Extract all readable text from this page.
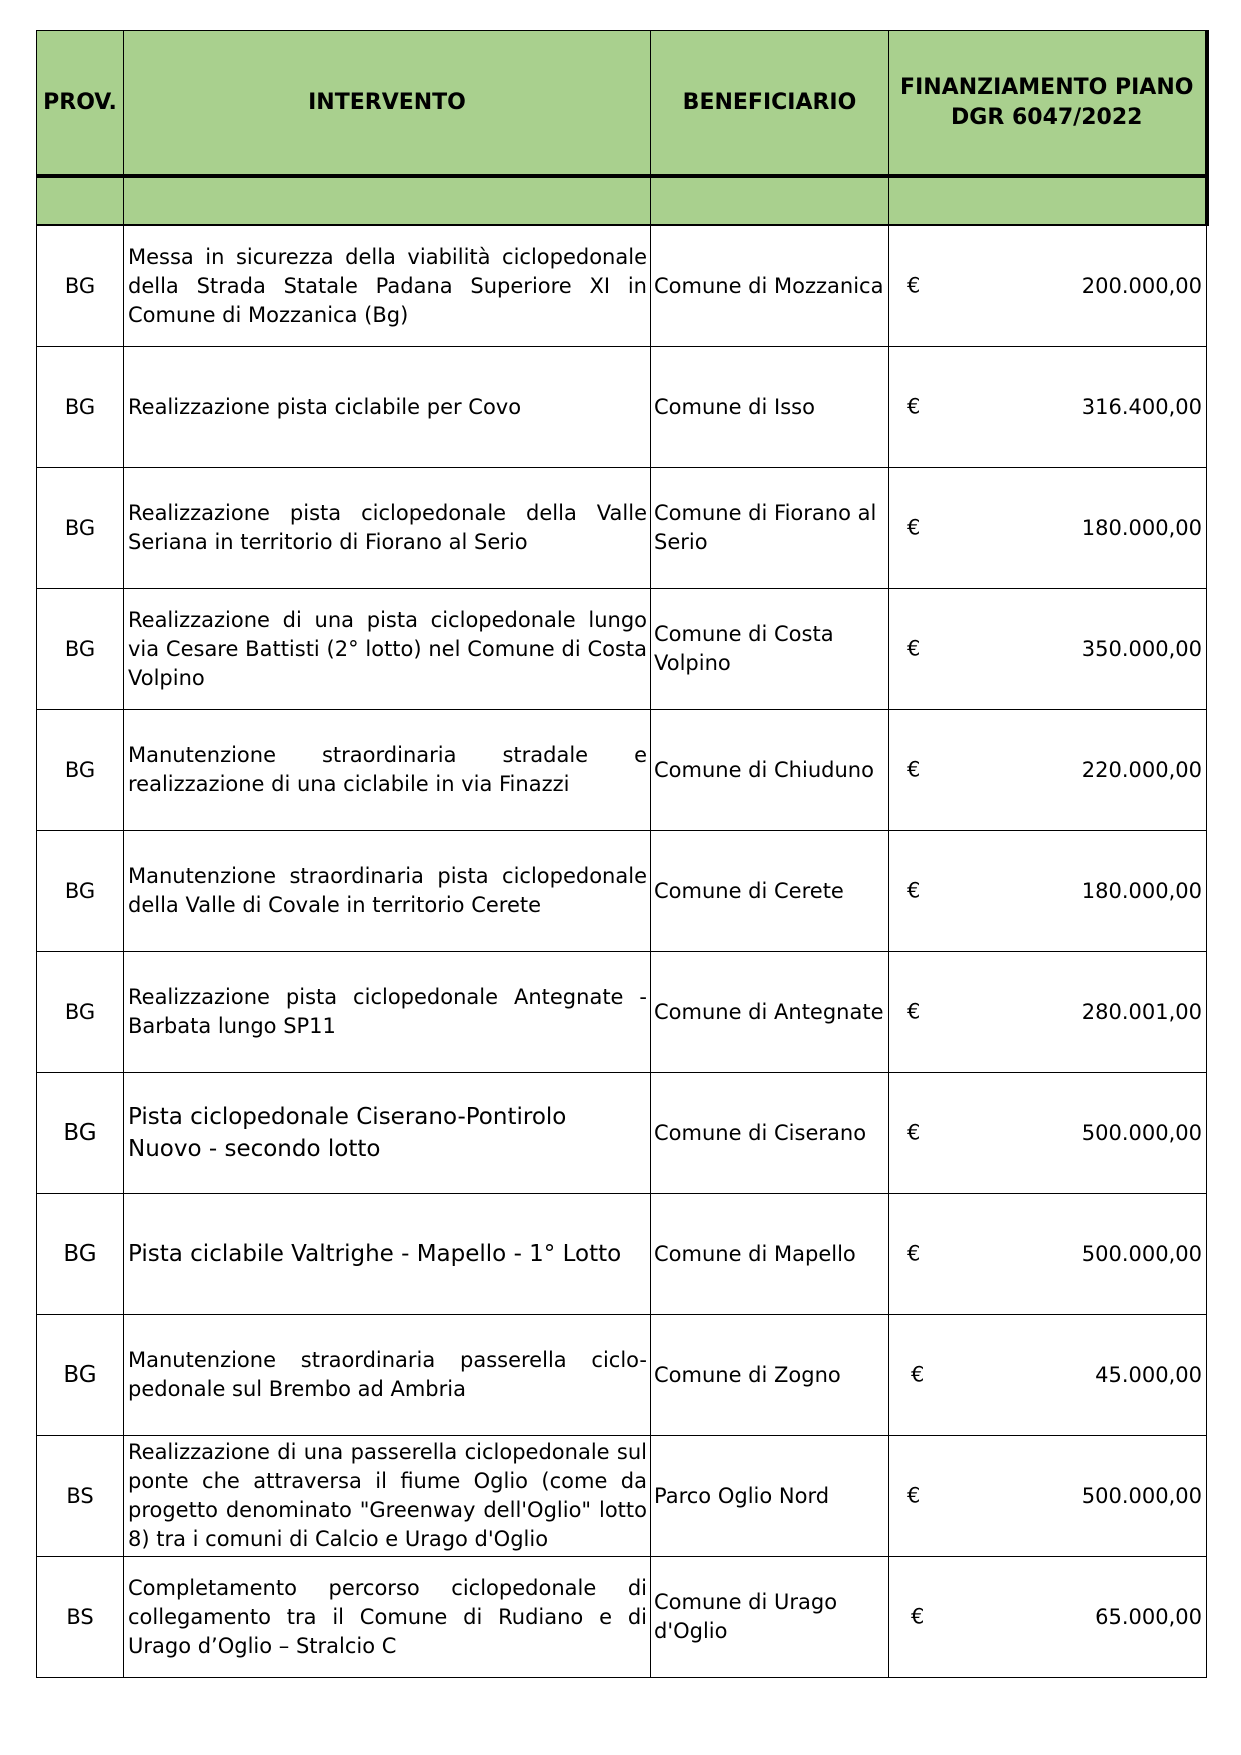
PROV.	INTERVENTO	BENEFICIARIO	FINANZIAMENTO PIANO
DGR 6047/2022

BG	Messa in sicurezza della viabilità ciclopedonale della Strada Statale Padana Superiore XI in Comune di Mozzanica (Bg)	Comune di Mozzanica	€ 200.000,00

BG	Realizzazione pista ciclabile per Covo	Comune di Isso	€ 316.400,00

BG	Realizzazione pista ciclopedonale della Valle Seriana in territorio di Fiorano al Serio	Comune di Fiorano al Serio	€ 180.000,00

BG	Realizzazione di una pista ciclopedonale lungo via Cesare Battisti (2° lotto) nel Comune di Costa Volpino	Comune di Costa Volpino	€ 350.000,00

BG	Manutenzione straordinaria stradale e realizzazione di una ciclabile in via Finazzi	Comune di Chiuduno	€ 220.000,00

BG	Manutenzione straordinaria pista ciclopedonale della Valle di Covale in territorio Cerete	Comune di Cerete	€ 180.000,00

BG	Realizzazione pista ciclopedonale Antegnate - Barbata lungo SP11	Comune di Antegnate	€ 280.001,00

BG	Pista ciclopedonale Ciserano-Pontirolo Nuovo - secondo lotto	Comune di Ciserano	€ 500.000,00

BG	Pista ciclabile Valtrighe - Mapello - 1° Lotto	Comune di Mapello	€ 500.000,00

BG	Manutenzione straordinaria passerella ciclo-pedonale sul Brembo ad Ambria	Comune di Zogno	€ 45.000,00

BS	Realizzazione di una passerella ciclopedonale sul ponte che attraversa il fiume Oglio (come da progetto denominato "Greenway dell'Oglio" lotto 8) tra i comuni di Calcio e Urago d'Oglio	Parco Oglio Nord	€ 500.000,00

BS	Completamento percorso ciclopedonale di collegamento tra il Comune di Rudiano e di Urago d’Oglio – Stralcio C	Comune di Urago d'Oglio	€ 65.000,00
